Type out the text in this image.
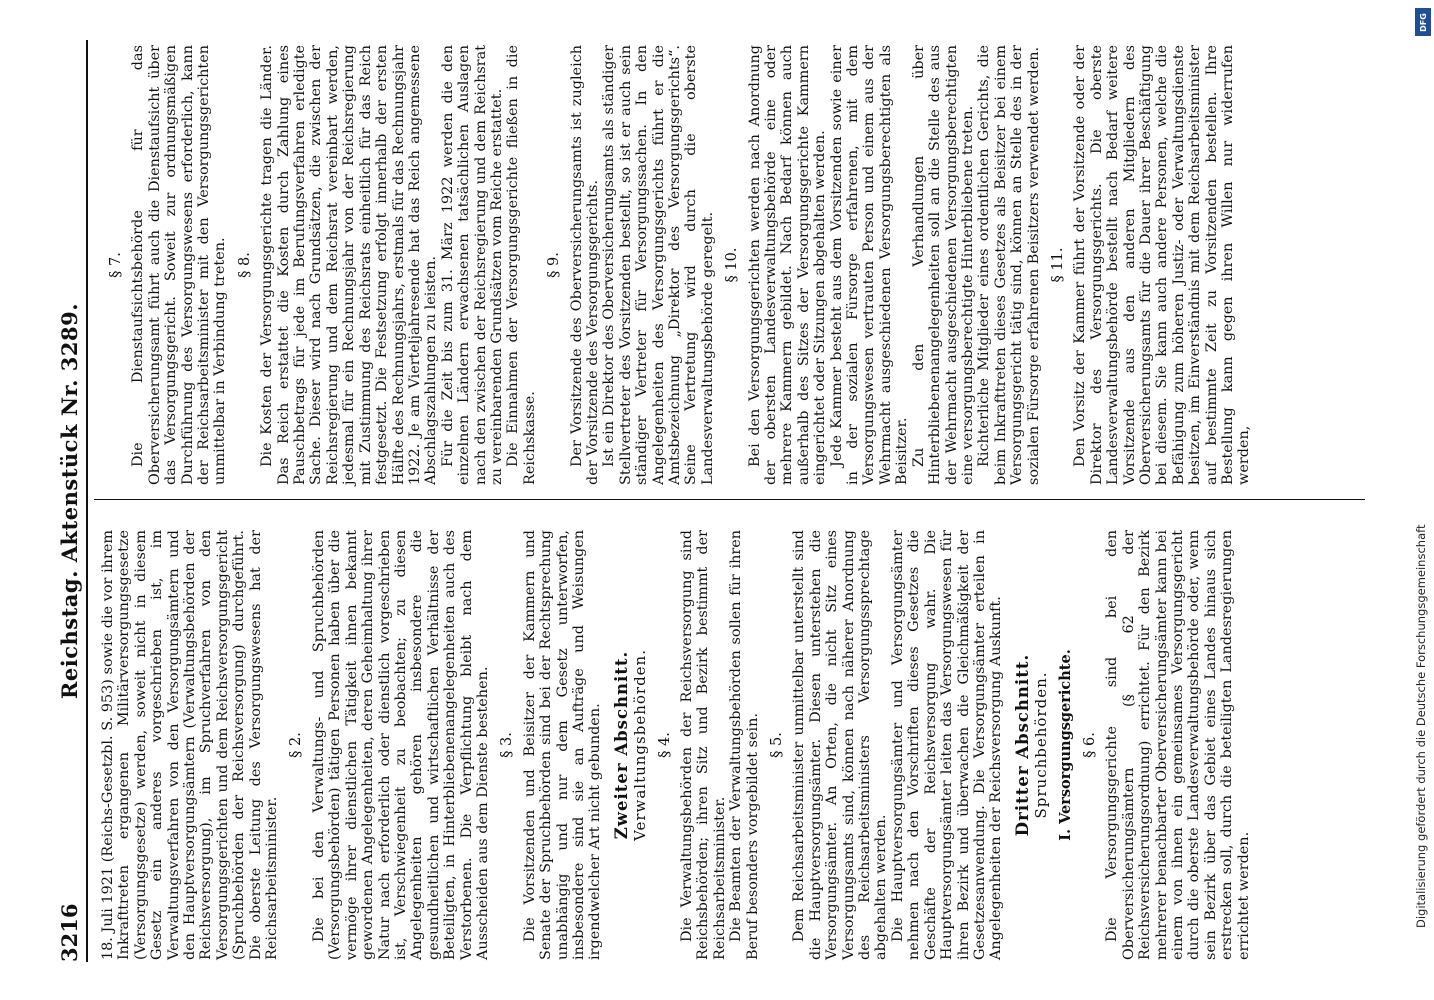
3216
Reichstag. Aktenstück Nr. 3289.

18. Juli 1921 (Reichs-Gesetzbl. S. 953) sowie die vor ihrem Inkrafttreten ergangenen Militärversorgungsgesetze (Versorgungsgesetze) werden, soweit nicht in diesem Gesetz ein anderes vorgeschrieben ist, im Verwaltungsverfahren von den Versorgungsämtern und den Hauptversorgungsämtern (Verwaltungsbehörden der Reichsversorgung), im Spruchverfahren von den Versorgungsgerichten und dem Reichsversorgungsgericht (Spruchbehörden der Reichsversorgung) durchgeführt. Die oberste Leitung des Versorgungswesens hat der Reichsarbeitsminister.

§ 2. Die bei den Verwaltungs- und Spruchbehörden (Versorgungsbehörden) tätigen Personen haben über die vermöge ihrer dienstlichen Tätigkeit ihnen bekannt gewordenen Angelegenheiten, deren Geheimhaltung ihrer Natur nach erforderlich oder dienstlich vorgeschrieben ist, Verschwiegenheit zu beobachten; zu diesen Angelegenheiten gehören insbesondere die gesundheitlichen und wirtschaftlichen Verhältnisse der Beteiligten, in Hinterbliebenenangelegenheiten auch des Verstorbenen. Die Verpflichtung bleibt nach dem Ausscheiden aus dem Dienste bestehen. § 3. Die Vorsitzenden und Beisitzer der Kammern und Senate der Spruchbehörden sind bei der Rechtsprechung unabhängig und nur dem Gesetz unterworfen, insbesondere sind sie an Aufträge und Weisungen irgendwelcher Art nicht gebunden. Zweiter Abschnitt. Verwaltungsbehörden. § 4. Die Verwaltungsbehörden der Reichsversorgung sind Reichsbehörden; ihren Sitz und Bezirk bestimmt der Reichsarbeitsminister. Die Beamten der Verwaltungsbehörden sollen für ihren Beruf besonders vorgebildet sein. § 5. Dem Reichsarbeitsminister unmittelbar unterstellt sind die Hauptversorgungsämter. Diesen unterstehen die Versorgungsämter. An Orten, die nicht Sitz eines Versorgungsamts sind, können nach näherer Anordnung des Reichsarbeitsministers Versorgungssprechtage abgehalten werden. Die Hauptversorgungsämter und Versorgungsämter nehmen nach den Vorschriften dieses Gesetzes die Geschäfte der Reichsversorgung wahr. Die Hauptversorgungsämter leiten das Versorgungswesen für ihren Bezirk und überwachen die Gleichmäßigkeit der Gesetzesanwendung. Die Versorgungsämter erteilen in Angelegenheiten der Reichsversorgung Auskunft. Dritter Abschnitt. Spruchbehörden. I. Versorgungsgerichte. § 6. Die Versorgungsgerichte sind bei den Oberversicherungsämtern (§ 62 der Reichsversicherungsordnung) errichtet. Für den Bezirk mehrerer benachbarter Oberversicherungsämter kann bei einem von ihnen ein gemeinsames Versorgungsgericht durch die oberste Landesverwaltungsbehörde oder, wenn sein Bezirk über das Gebiet eines Landes hinaus sich erstrecken soll, durch die beteiligten Landesregierungen errichtet werden.

§ 7. Die Dienstaufsichtsbehörde für das Oberversicherungsamt führt auch die Dienstaufsicht über das Versorgungsgericht. Soweit zur ordnungsmäßigen Durchführung des Versorgungswesens erforderlich, kann der Reichsarbeitsminister mit den Versorgungsgerichten unmittelbar in Verbindung treten. § 8. Die Kosten der Versorgungsgerichte tragen die Länder. Das Reich erstattet die Kosten durch Zahlung eines Pauschbetrags für jede im Berufungsverfahren erledigte Sache. Dieser wird nach Grundsätzen, die zwischen der Reichsregierung und dem Reichsrat vereinbart werden, jedesmal für ein Rechnungsjahr von der Reichsregierung mit Zustimmung des Reichsrats einheitlich für das Reich festgesetzt. Die Festsetzung erfolgt innerhalb der ersten Hälfte des Rechnungsjahrs, erstmals für das Rechnungsjahr 1922. Je am Vierteljahresende hat das Reich angemessene Abschlagszahlungen zu leisten. Für die Zeit bis zum 31. März 1922 werden die den einzelnen Ländern erwachsenen tatsächlichen Auslagen nach den zwischen der Reichsregierung und dem Reichsrat zu vereinbarenden Grundsätzen vom Reiche erstattet. Die Einnahmen der Versorgungsgerichte fließen in die Reichskasse.

§ 9. Der Vorsitzende des Oberversicherungsamts ist zugleich der Vorsitzende des Versorgungsgerichts. Ist ein Direktor des Oberversicherungsamts als ständiger Stellvertreter des Vorsitzenden bestellt, so ist er auch sein ständiger Vertreter für Versorgungssachen. In den Angelegenheiten des Versorgungsgerichts führt er die Amtsbezeichnung „Direktor des Versorgungsgerichts“. Seine Vertretung wird durch die oberste Landesverwaltungsbehörde geregelt. § 10. Bei den Versorgungsgerichten werden nach Anordnung der obersten Landesverwaltungsbehörde eine oder mehrere Kammern gebildet. Nach Bedarf können auch außerhalb des Sitzes der Versorgungsgerichte Kammern eingerichtet oder Sitzungen abgehalten werden. Jede Kammer besteht aus dem Vorsitzenden sowie einer in der sozialen Fürsorge erfahrenen, mit dem Versorgungswesen vertrauten Person und einem aus der Wehrmacht ausgeschiedenen Versorgungsberechtigten als Beisitzer. Zu den Verhandlungen über Hinterbliebenenangelegenheiten soll an die Stelle des aus der Wehrmacht ausgeschiedenen Versorgungsberechtigten eine versorgungsberechtigte Hinterbliebene treten. Richterliche Mitglieder eines ordentlichen Gerichts, die beim Inkrafttreten dieses Gesetzes als Beisitzer bei einem Versorgungsgericht tätig sind, können an Stelle des in der sozialen Fürsorge erfahrenen Beisitzers verwendet werden. § 11. Den Vorsitz der Kammer führt der Vorsitzende oder der Direktor des Versorgungsgerichts. Die oberste Landesverwaltungsbehörde bestellt nach Bedarf weitere Vorsitzende aus den anderen Mitgliedern des Oberversicherungsamts für die Dauer ihrer Beschäftigung bei diesem. Sie kann auch andere Personen, welche die Befähigung zum höheren Justiz- oder Verwaltungsdienste besitzen, im Einverständnis mit dem Reichsarbeitsminister auf bestimmte Zeit zu Vorsitzenden bestellen. Ihre Bestellung kann gegen ihren Willen nur widerrufen werden,

DFG
Digitalisierung gefördert durch die Deutsche Forschungsgemeinschaft
